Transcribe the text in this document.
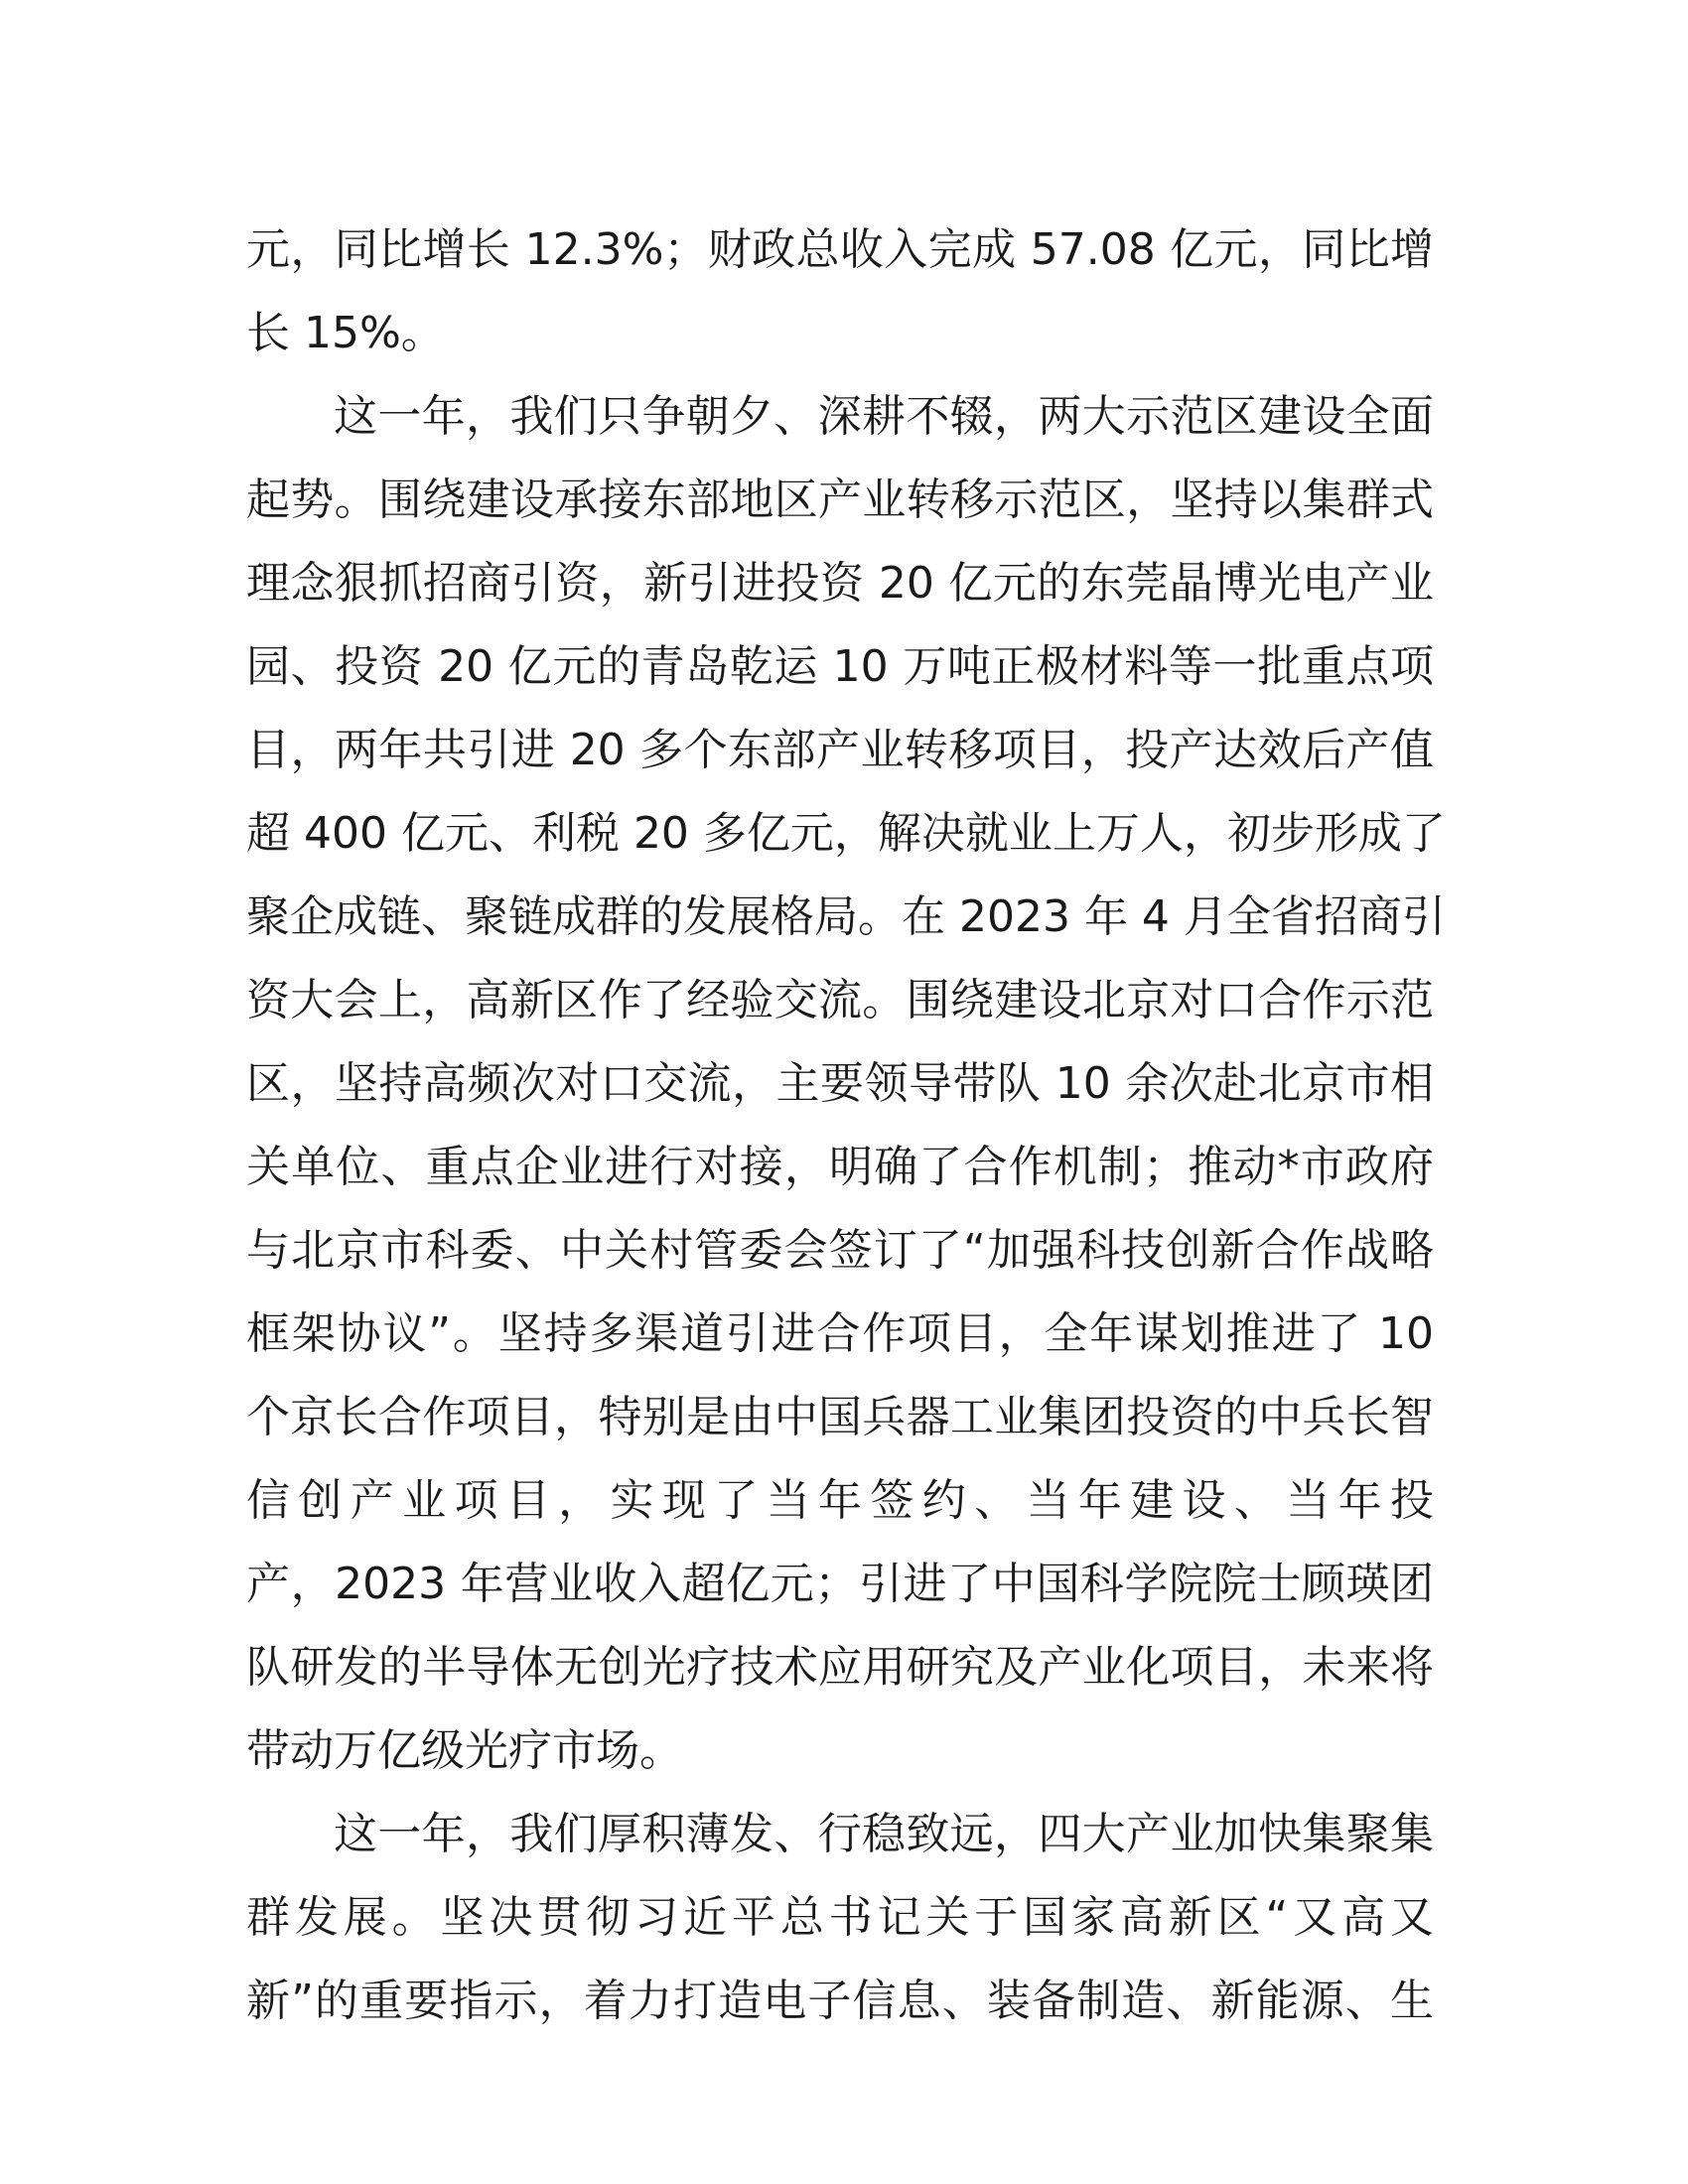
元，同比增长 12.3%；财政总收入完成 57.08 亿元，同比增
长 15%。
这一年，我们只争朝夕、深耕不辍，两大示范区建设全面
起势。围绕建设承接东部地区产业转移示范区，坚持以集群式
理念狠抓招商引资，新引进投资 20 亿元的东莞晶博光电产业
园、投资 20 亿元的青岛乾运 10 万吨正极材料等一批重点项
目，两年共引进 20 多个东部产业转移项目，投产达效后产值
超 400 亿元、利税 20 多亿元，解决就业上万人，初步形成了
聚企成链、聚链成群的发展格局。在 2023 年 4 月全省招商引
资大会上，高新区作了经验交流。围绕建设北京对口合作示范
区，坚持高频次对口交流，主要领导带队 10 余次赴北京市相
关单位、重点企业进行对接，明确了合作机制；推动*市政府
与北京市科委、中关村管委会签订了“加强科技创新合作战略
框架协议”。坚持多渠道引进合作项目，全年谋划推进了 10
个京长合作项目，特别是由中国兵器工业集团投资的中兵长智
信创产业项目，实现了当年签约、当年建设、当年投
产，2023 年营业收入超亿元；引进了中国科学院院士顾瑛团
队研发的半导体无创光疗技术应用研究及产业化项目，未来将
带动万亿级光疗市场。
这一年，我们厚积薄发、行稳致远，四大产业加快集聚集
群发展。坚决贯彻习近平总书记关于国家高新区“又高又
新”的重要指示，着力打造电子信息、装备制造、新能源、生
